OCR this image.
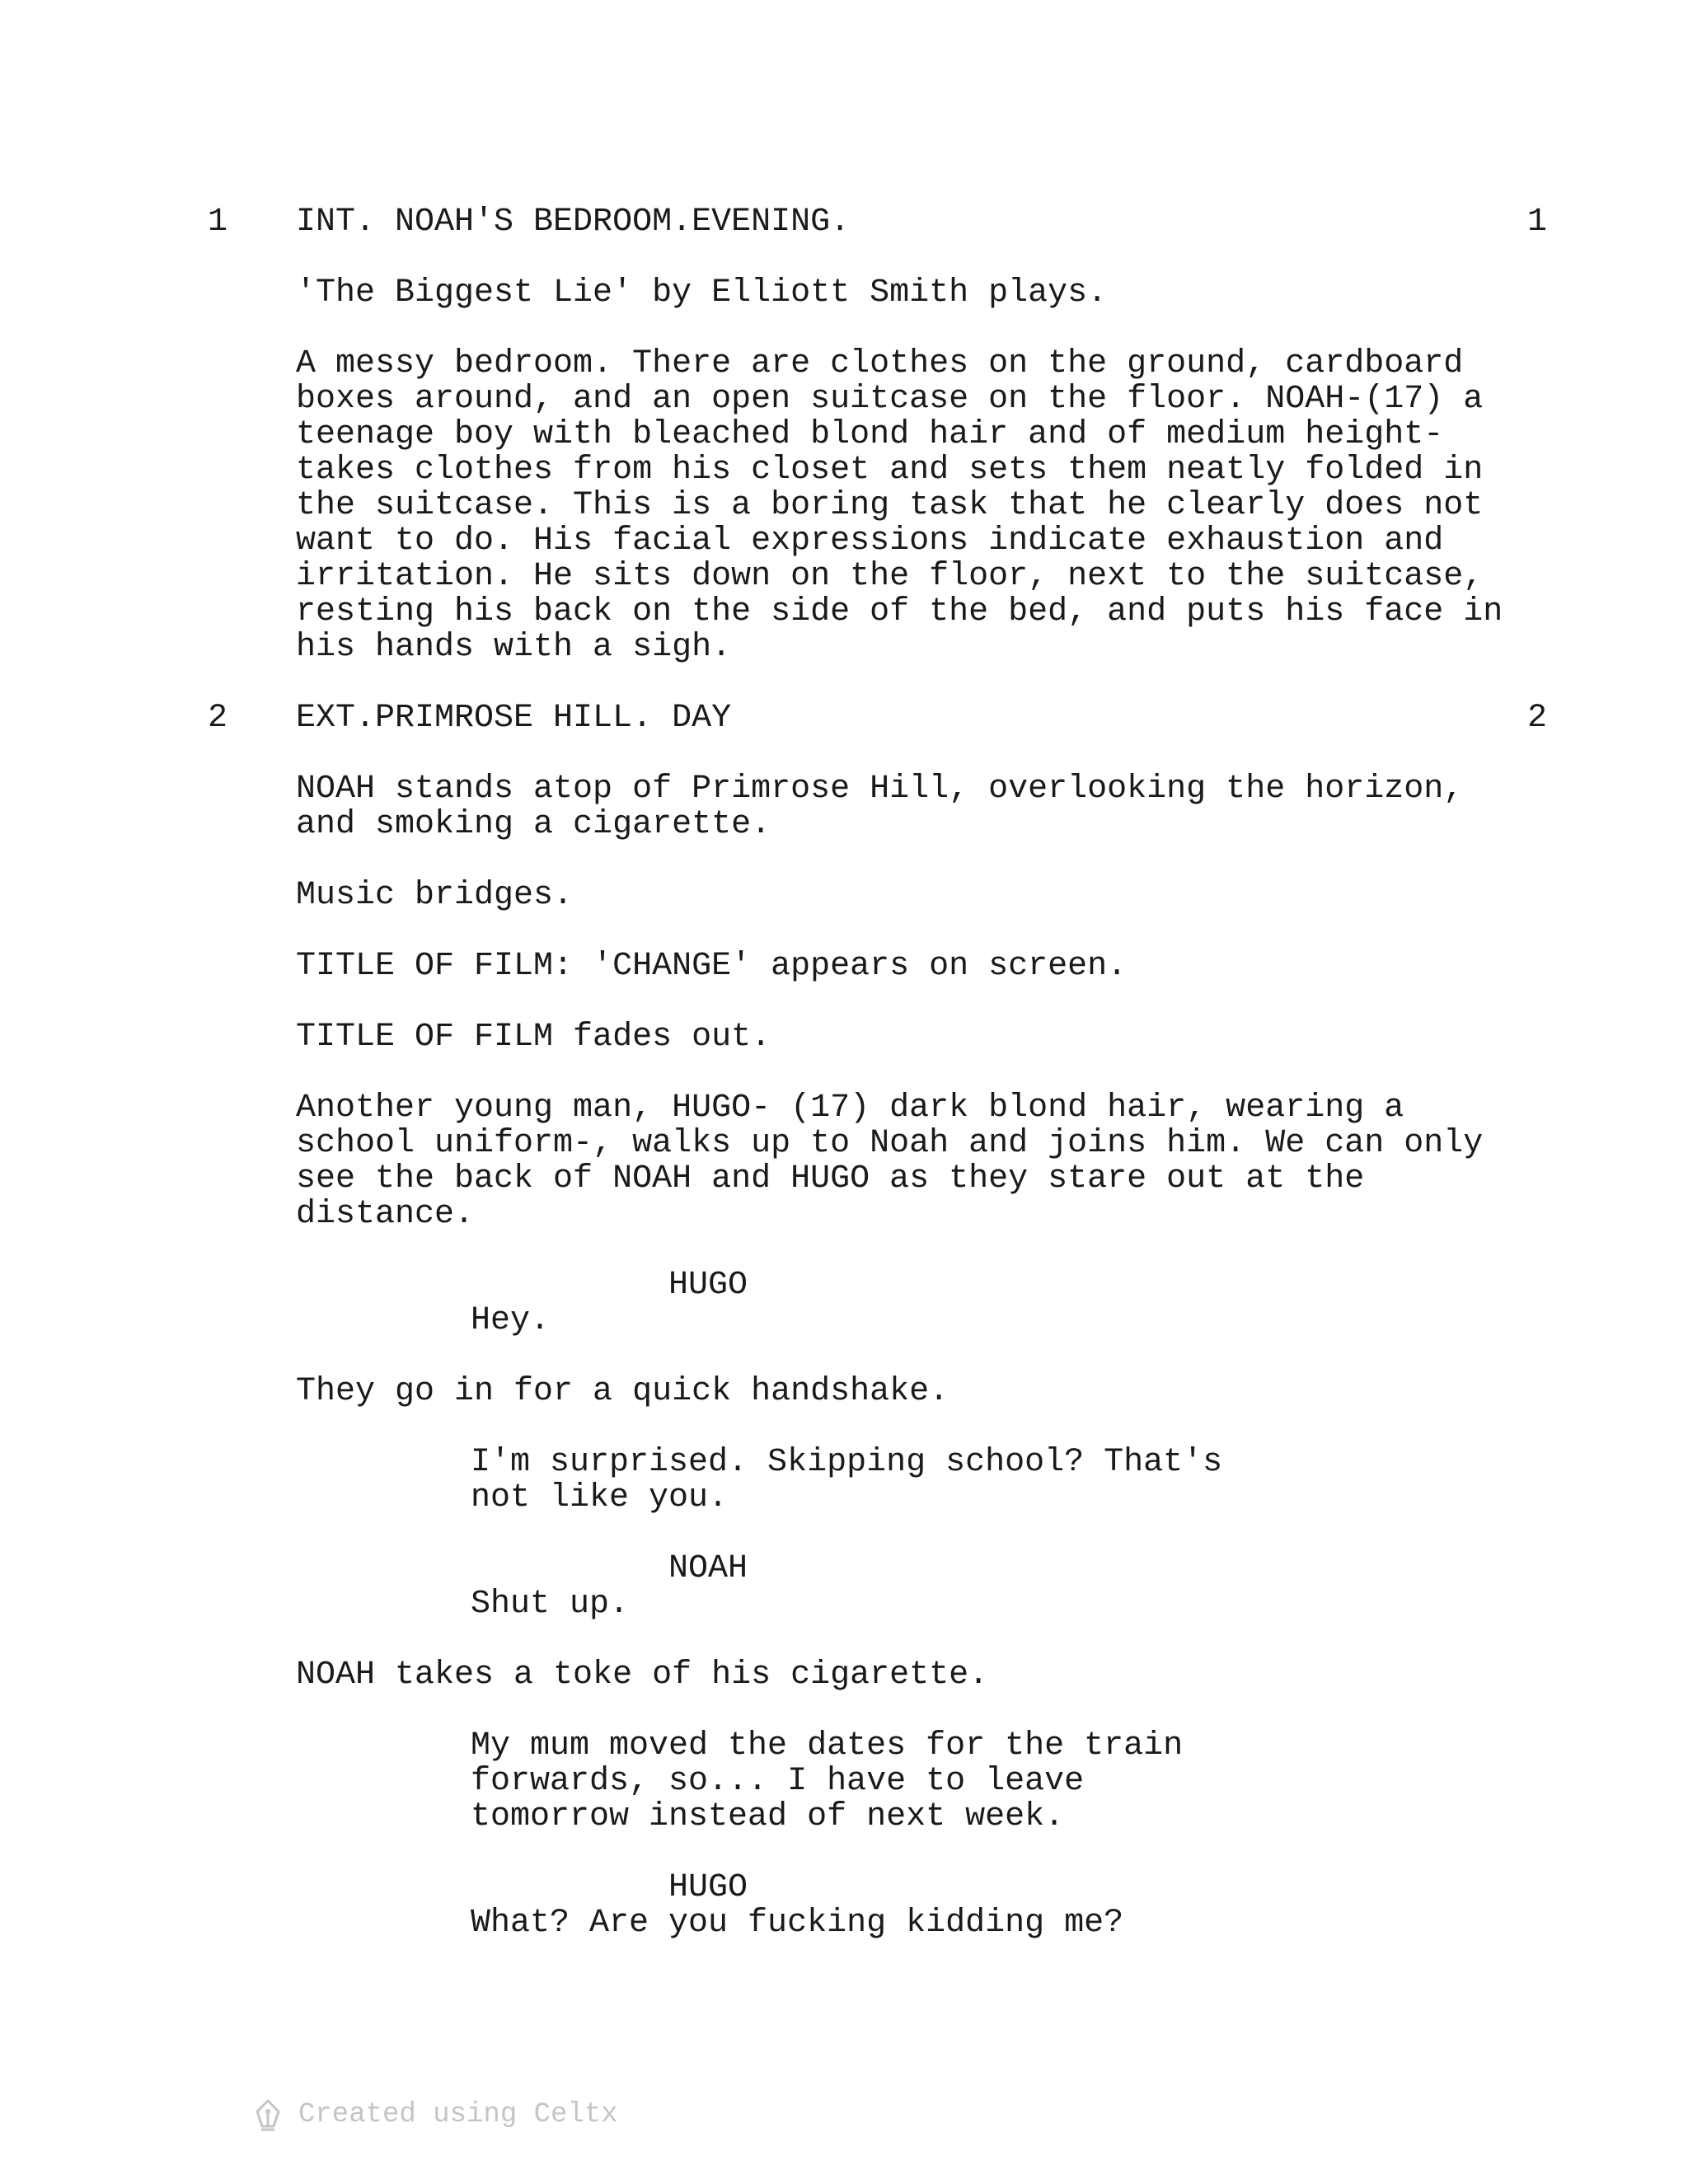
1 INT. NOAH'S BEDROOM.EVENING.	1
'The Biggest Lie' by Elliott Smith plays.
A messy bedroom. There are clothes on the ground, cardboard
boxes around, and an open suitcase on the floor. NOAH-(17) a
teenage boy with bleached blond hair and of medium height-
takes clothes from his closet and sets them neatly folded in
the suitcase. This is a boring task that he clearly does not
want to do. His facial expressions indicate exhaustion and
irritation. He sits down on the floor, next to the suitcase,
resting his back on the side of the bed, and puts his face in
his hands with a sigh.
2 EXT.PRIMROSE HILL. DAY	2
NOAH stands atop of Primrose Hill, overlooking the horizon,
and smoking a cigarette.
Music bridges.
TITLE OF FILM: 'CHANGE' appears on screen.
TITLE OF FILM fades out.
Another young man, HUGO- (17) dark blond hair, wearing a
school uniform-, walks up to Noah and joins him. We can only
see the back of NOAH and HUGO as they stare out at the
distance.
HUGO
Hey.
They go in for a quick handshake.
I'm surprised. Skipping school? That's
not like you.
NOAH
Shut up.
NOAH takes a toke of his cigarette.
My mum moved the dates for the train
forwards, so... I have to leave
tomorrow instead of next week.
HUGO
What? Are you fucking kidding me?
Created using Celtx
